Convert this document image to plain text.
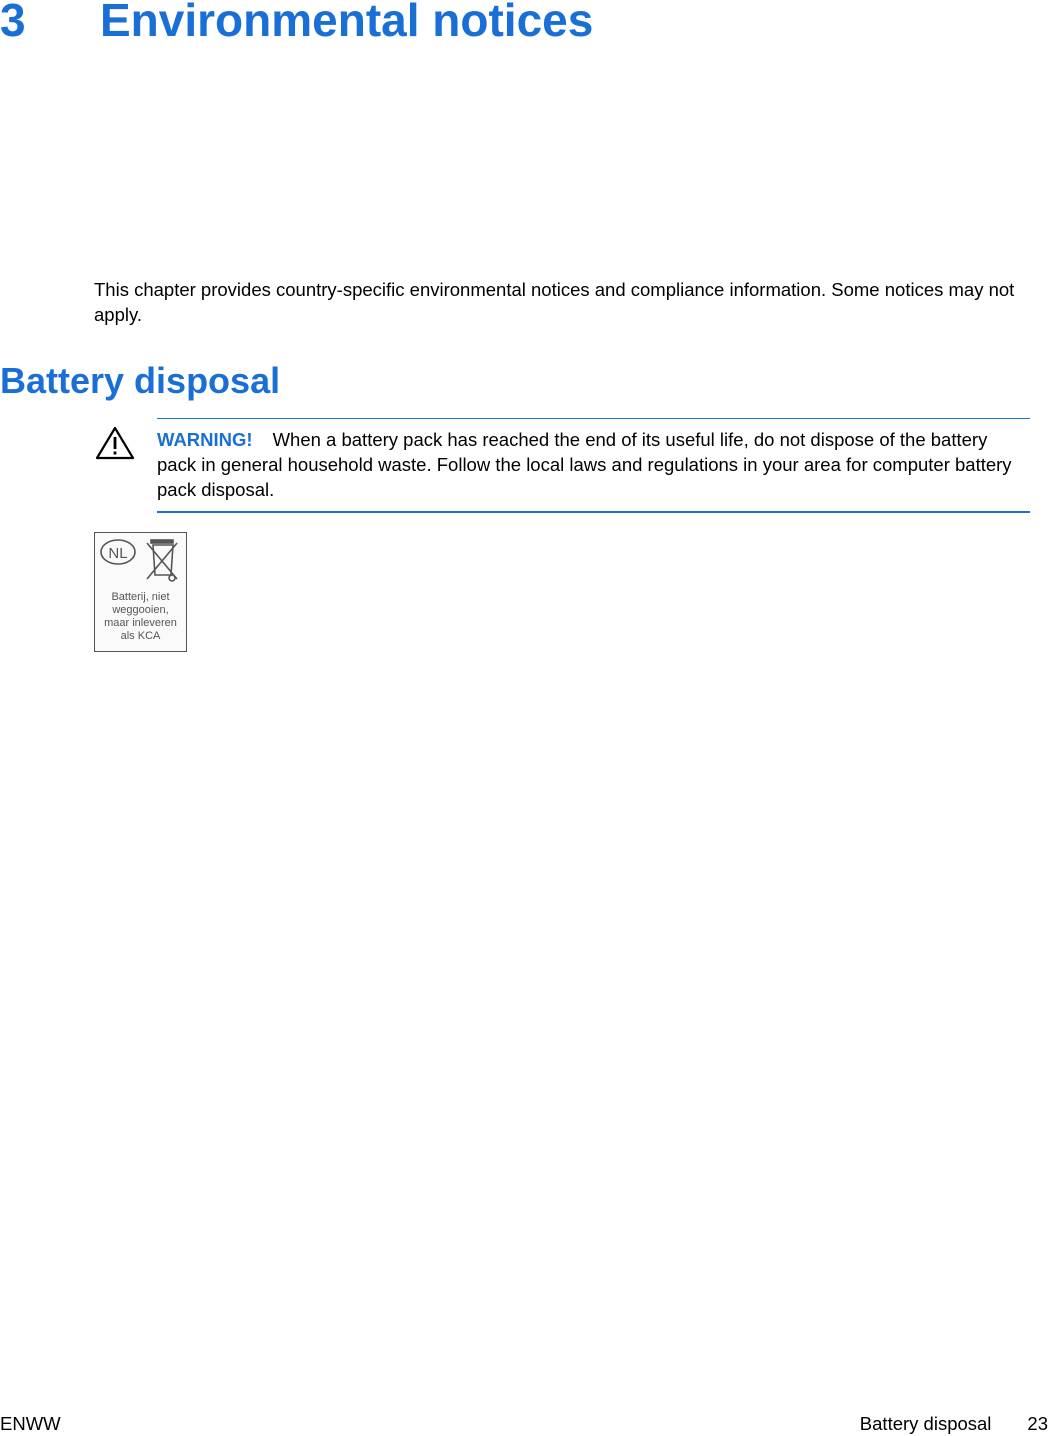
3 Environmental notices

This chapter provides country-specific environmental notices and compliance information. Some notices may not apply.

Battery disposal

WARNING! When a battery pack has reached the end of its useful life, do not dispose of the battery pack in general household waste. Follow the local laws and regulations in your area for computer battery pack disposal.

NL
Batterij, niet
weggooien,
maar inleveren
als KCA
ENWW	Battery disposal 23
